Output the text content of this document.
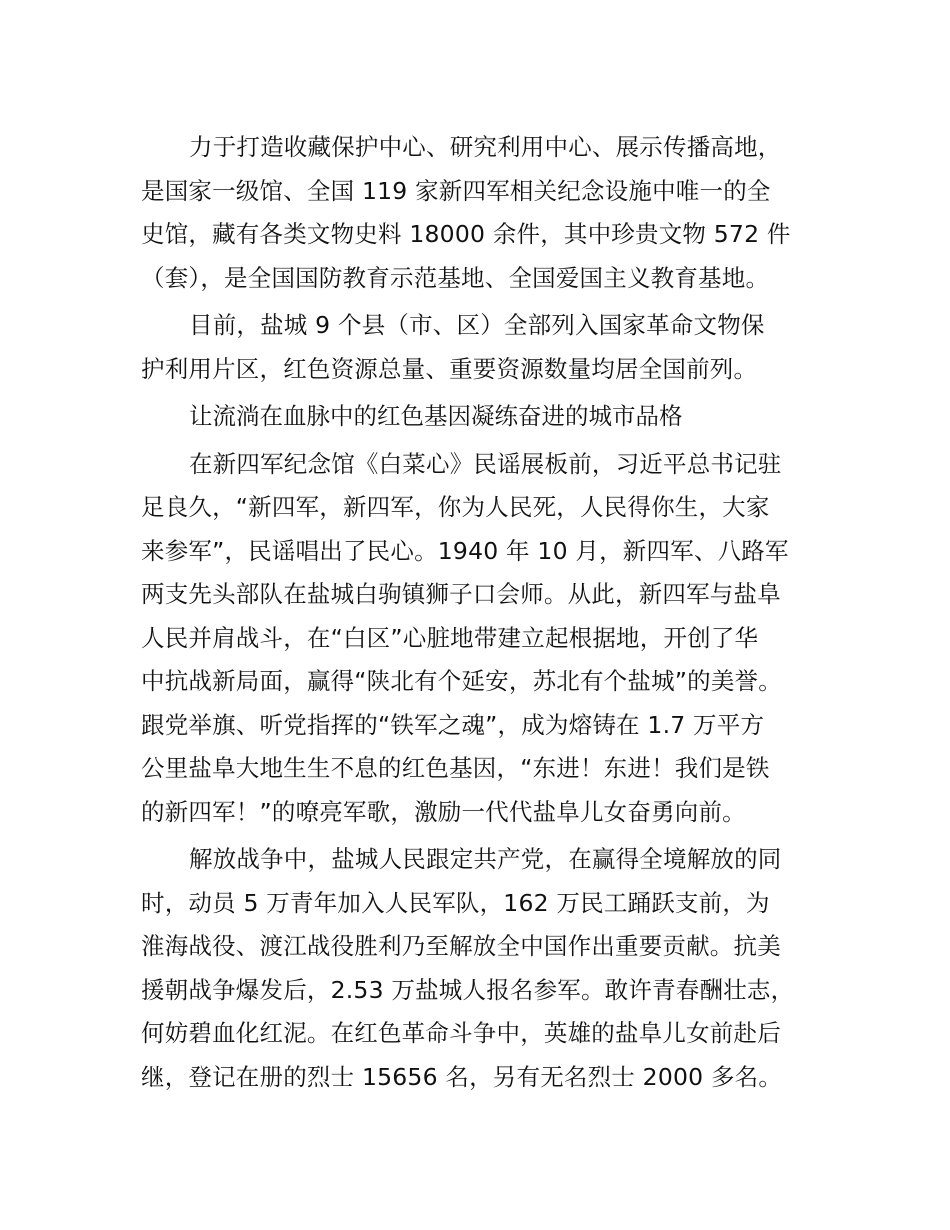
力于打造收藏保护中心、研究利用中心、展示传播高地，
是国家一级馆、全国 119 家新四军相关纪念设施中唯一的全
史馆，藏有各类文物史料 18000 余件，其中珍贵文物 572 件
（套），是全国国防教育示范基地、全国爱国主义教育基地。
目前，盐城 9 个县（市、区）全部列入国家革命文物保
护利用片区，红色资源总量、重要资源数量均居全国前列。
让流淌在血脉中的红色基因凝练奋进的城市品格
在新四军纪念馆《白菜心》民谣展板前，习近平总书记驻
足良久，“新四军，新四军，你为人民死，人民得你生，大家
来参军”，民谣唱出了民心。1940 年 10 月，新四军、八路军
两支先头部队在盐城白驹镇狮子口会师。从此，新四军与盐阜
人民并肩战斗，在“白区”心脏地带建立起根据地，开创了华
中抗战新局面，赢得“陕北有个延安，苏北有个盐城”的美誉。
跟党举旗、听党指挥的“铁军之魂”，成为熔铸在 1.7 万平方
公里盐阜大地生生不息的红色基因，“东进！东进！我们是铁
的新四军！”的嘹亮军歌，激励一代代盐阜儿女奋勇向前。
解放战争中，盐城人民跟定共产党，在赢得全境解放的同
时，动员 5 万青年加入人民军队，162 万民工踊跃支前，为
淮海战役、渡江战役胜利乃至解放全中国作出重要贡献。抗美
援朝战争爆发后，2.53 万盐城人报名参军。敢许青春酬壮志，
何妨碧血化红泥。在红色革命斗争中，英雄的盐阜儿女前赴后
继，登记在册的烈士 15656 名，另有无名烈士 2000 多名。
